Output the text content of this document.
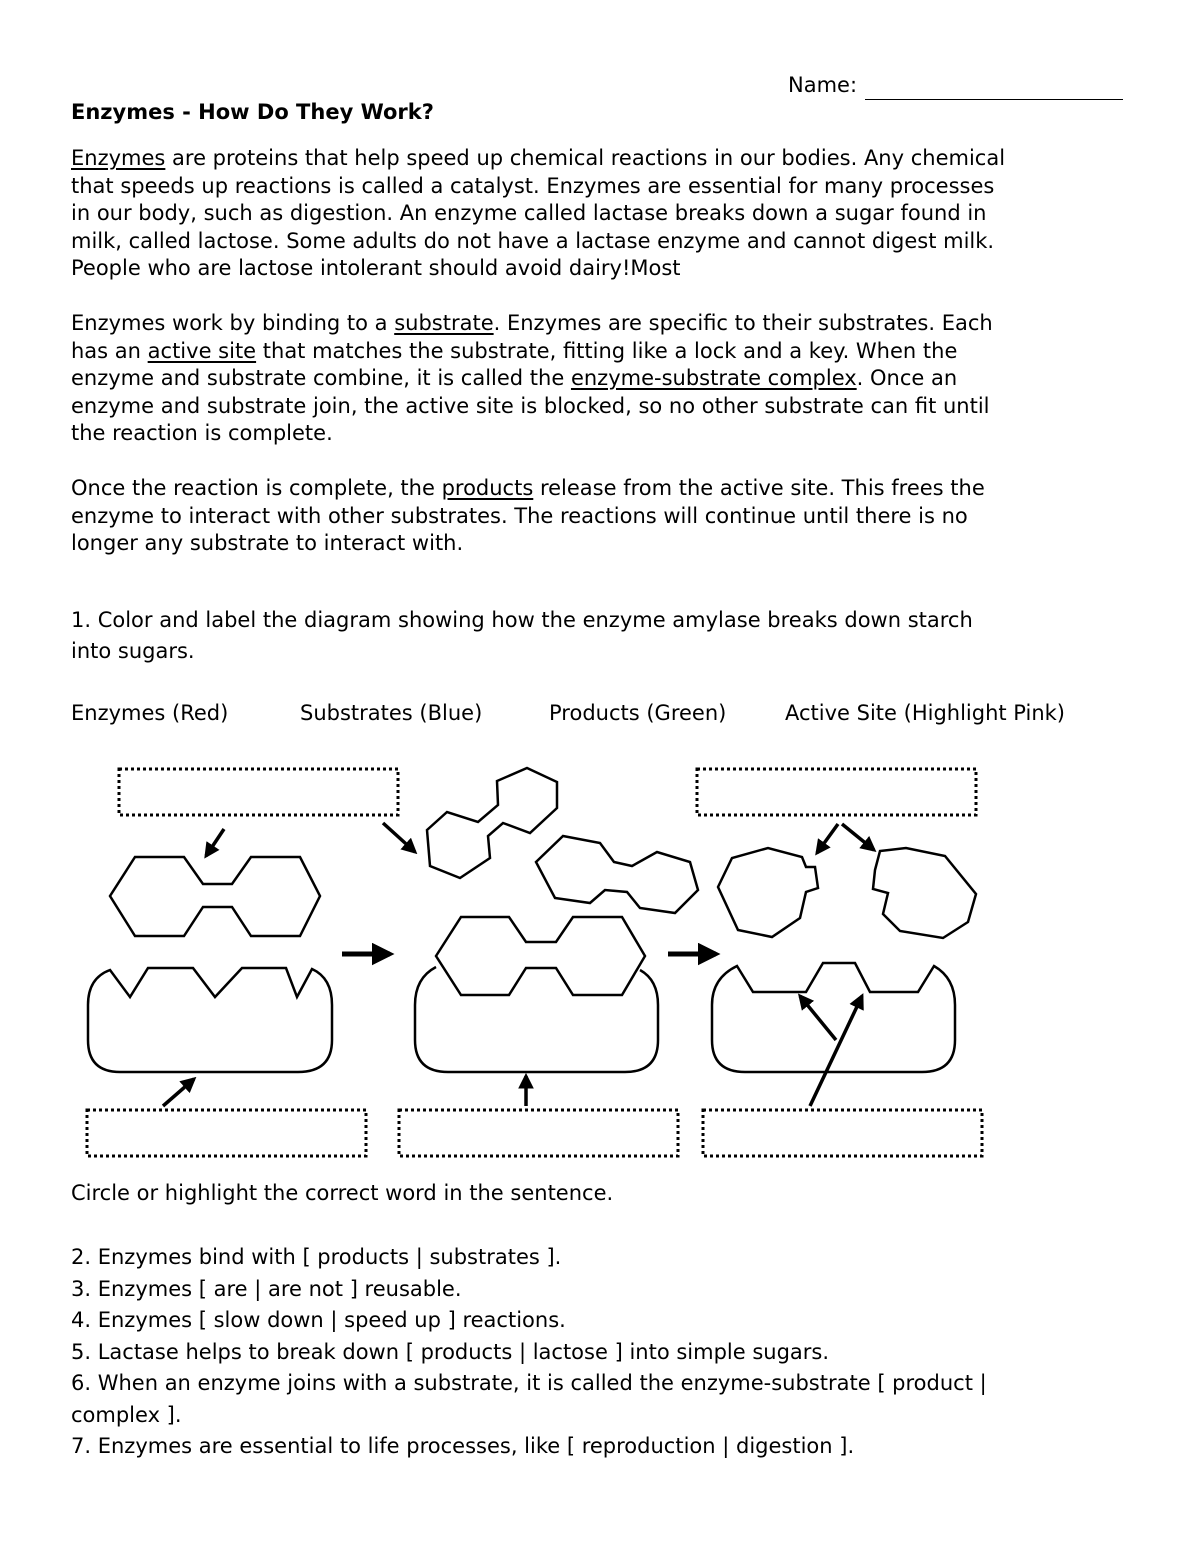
Name:
Enzymes - How Do They Work?
Enzymes are proteins that help speed up chemical reactions in our bodies. Any chemical
that speeds up reactions is called a catalyst. Enzymes are essential for many processes
in our body, such as digestion. An enzyme called lactase breaks down a sugar found in
milk, called lactose. Some adults do not have a lactase enzyme and cannot digest milk.
People who are lactose intolerant should avoid dairy!Most
Enzymes work by binding to a substrate. Enzymes are specific to their substrates. Each
has an active site that matches the substrate, fitting like a lock and a key. When the
enzyme and substrate combine, it is called the enzyme-substrate complex. Once an
enzyme and substrate join, the active site is blocked, so no other substrate can fit until
the reaction is complete.
Once the reaction is complete, the products release from the active site. This frees the
enzyme to interact with other substrates. The reactions will continue until there is no
longer any substrate to interact with.
1. Color and label the diagram showing how the enzyme amylase breaks down starch
into sugars.
Enzymes (Red)	Substrates (Blue)	Products (Green)	Active Site (Highlight Pink)
Circle or highlight the correct word in the sentence.
2. Enzymes bind with [ products | substrates ].
3. Enzymes [ are | are not ] reusable.
4. Enzymes [ slow down | speed up ] reactions.
5. Lactase helps to break down [ products | lactose ] into simple sugars.
6. When an enzyme joins with a substrate, it is called the enzyme-substrate [ product |
complex ].
7. Enzymes are essential to life processes, like [ reproduction | digestion ].
